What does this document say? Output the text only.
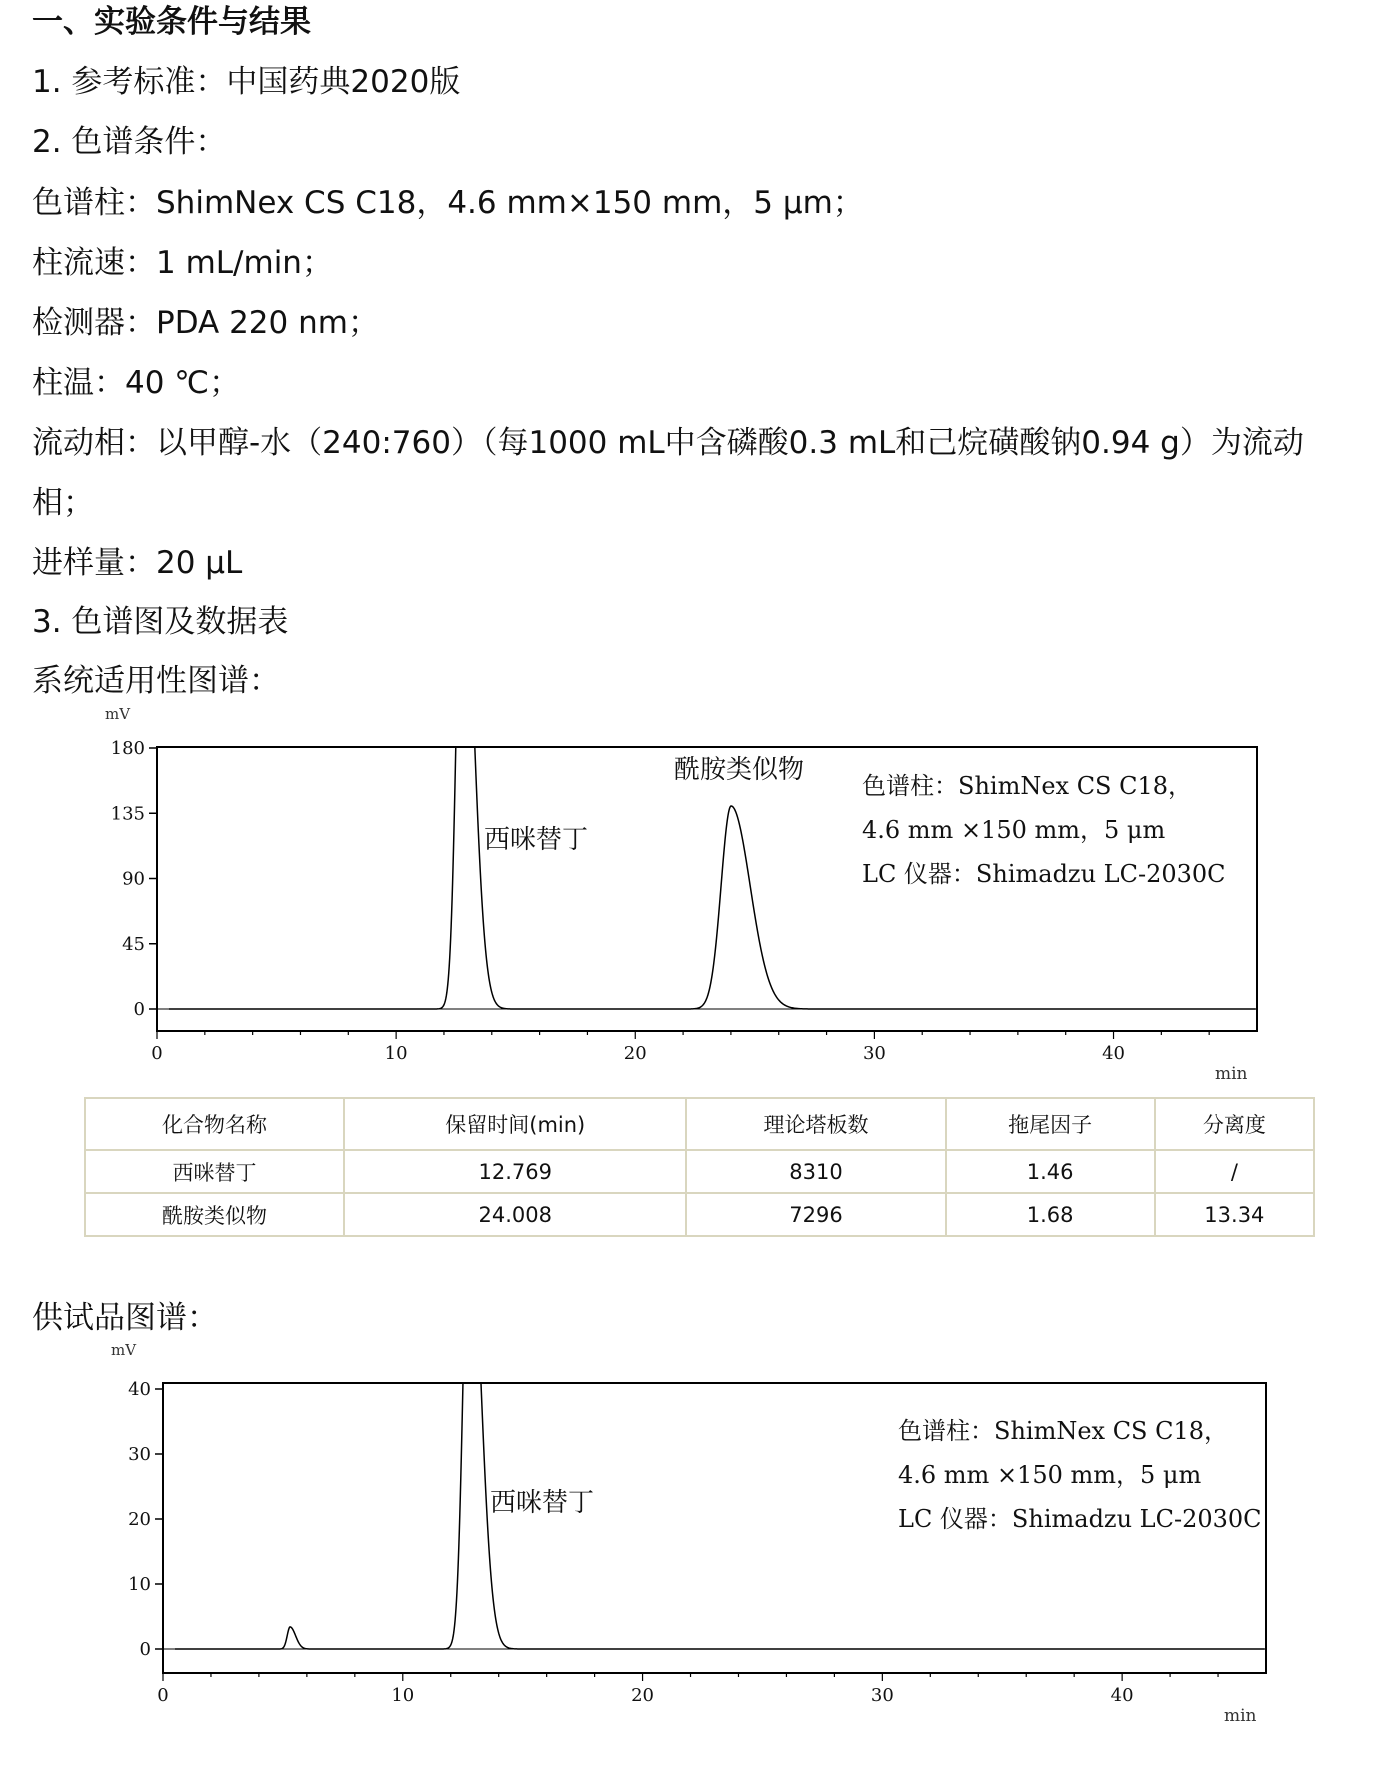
一、实验条件与结果
1. 参考标准：中国药典2020版
2. 色谱条件：
色谱柱：ShimNex CS C18，4.6 mm×150 mm，5 μm；
柱流速：1 mL/min；
检测器：PDA 220 nm；
柱温：40 ℃；
流动相：以甲醇-水（240:760）（每1000 mL中含磷酸0.3 mL和己烷磺酸钠0.94 g）为流动
相；
进样量：20 μL
3. 色谱图及数据表
系统适用性图谱：
mV
min
0
45
90
135
180
0	10	20	30	40
西咪替丁
酰胺类似物
色谱柱：ShimNex CS C18，
4.6 mm ×150 mm，5 μm
LC 仪器：Shimadzu LC-2030C
化合物名称	保留时间(min)	理论塔板数	拖尾因子	分离度
西咪替丁	12.769	8310	1.46	/
酰胺类似物	24.008	7296	1.68	13.34
供试品图谱：
mV
min
0
10
20
30
40
0	10	20	30	40
西咪替丁
色谱柱：ShimNex CS C18，
4.6 mm ×150 mm，5 μm
LC 仪器：Shimadzu LC-2030C
